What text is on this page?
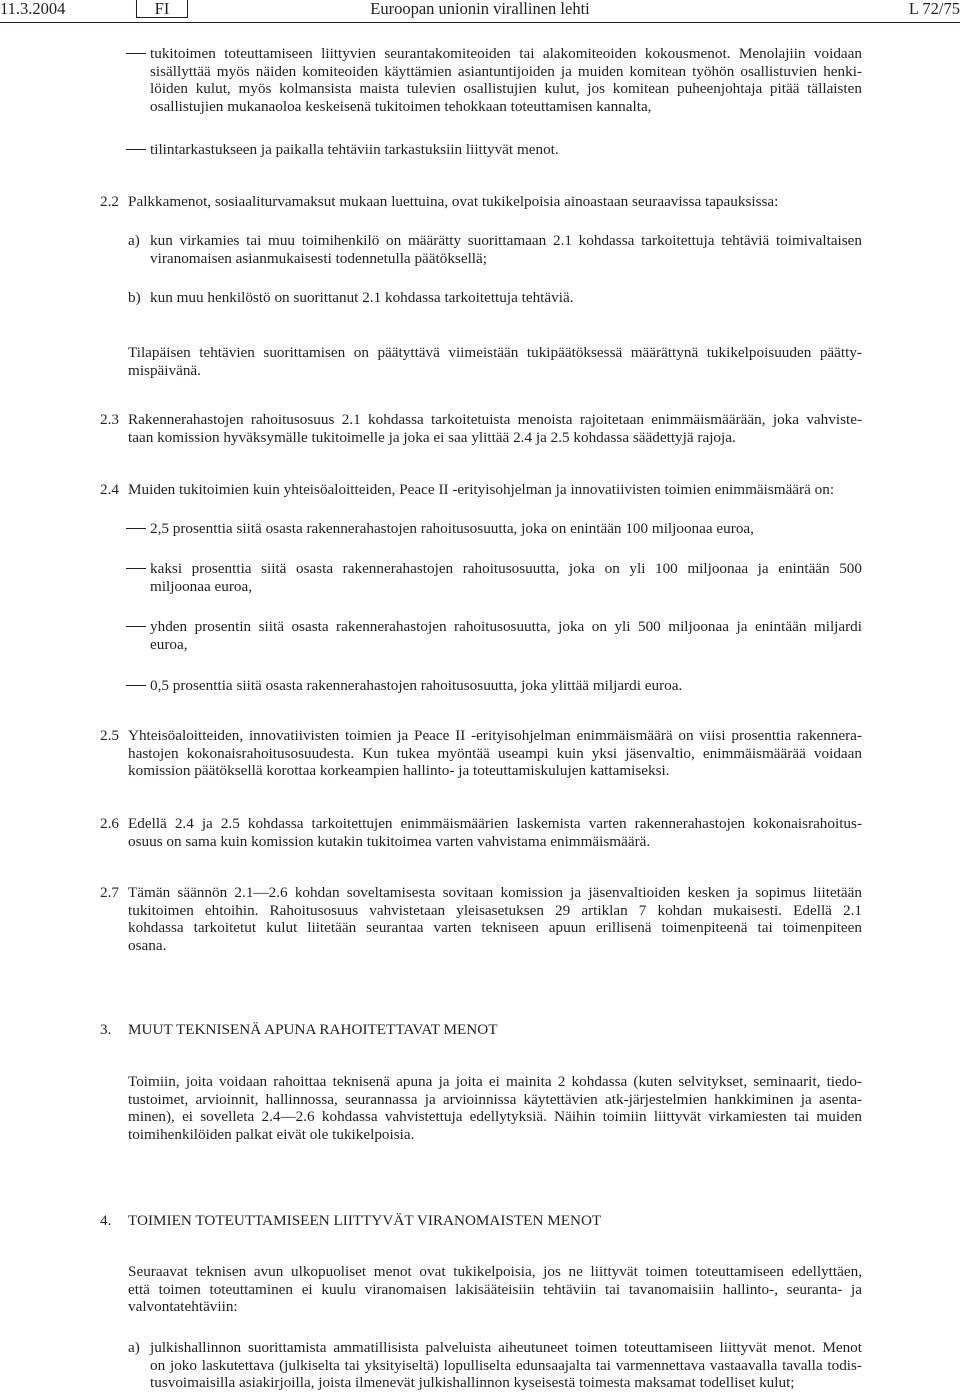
11.3.2004	FI	Euroopan unionin virallinen lehti	L 72/75
tukitoimen toteuttamiseen liittyvien seurantakomiteoiden tai alakomiteoiden kokousmenot. Menolajiin voidaan
sisällyttää myös näiden komiteoiden käyttämien asiantuntijoiden ja muiden komitean työhön osallistuvien henki-
löiden kulut, myös kolmansista maista tulevien osallistujien kulut, jos komitean puheenjohtaja pitää tällaisten
osallistujien mukanaoloa keskeisenä tukitoimen tehokkaan toteuttamisen kannalta,
tilintarkastukseen ja paikalla tehtäviin tarkastuksiin liittyvät menot.
2.2 Palkkamenot, sosiaaliturvamaksut mukaan luettuina, ovat tukikelpoisia ainoastaan seuraavissa tapauksissa:
a) kun virkamies tai muu toimihenkilö on määrätty suorittamaan 2.1 kohdassa tarkoitettuja tehtäviä toimivaltaisen
viranomaisen asianmukaisesti todennetulla päätöksellä;
b) kun muu henkilöstö on suorittanut 2.1 kohdassa tarkoitettuja tehtäviä.
Tilapäisen tehtävien suorittamisen on päätyttävä viimeistään tukipäätöksessä määrättynä tukikelpoisuuden päätty-
mispäivänä.
2.3 Rakennerahastojen rahoitusosuus 2.1 kohdassa tarkoitetuista menoista rajoitetaan enimmäismäärään, joka vahviste-
taan komission hyväksymälle tukitoimelle ja joka ei saa ylittää 2.4 ja 2.5 kohdassa säädettyjä rajoja.
2.4 Muiden tukitoimien kuin yhteisöaloitteiden, Peace II -erityisohjelman ja innovatiivisten toimien enimmäismäärä on:
2,5 prosenttia siitä osasta rakennerahastojen rahoitusosuutta, joka on enintään 100 miljoonaa euroa,
kaksi prosenttia siitä osasta rakennerahastojen rahoitusosuutta, joka on yli 100 miljoonaa ja enintään 500
miljoonaa euroa,
yhden prosentin siitä osasta rakennerahastojen rahoitusosuutta, joka on yli 500 miljoonaa ja enintään miljardi
euroa,
0,5 prosenttia siitä osasta rakennerahastojen rahoitusosuutta, joka ylittää miljardi euroa.
2.5 Yhteisöaloitteiden, innovatiivisten toimien ja Peace II -erityisohjelman enimmäismäärä on viisi prosenttia rakennera-
hastojen kokonaisrahoitusosuudesta. Kun tukea myöntää useampi kuin yksi jäsenvaltio, enimmäismäärää voidaan
komission päätöksellä korottaa korkeampien hallinto- ja toteuttamiskulujen kattamiseksi.
2.6 Edellä 2.4 ja 2.5 kohdassa tarkoitettujen enimmäismäärien laskemista varten rakennerahastojen kokonaisrahoitus-
osuus on sama kuin komission kutakin tukitoimea varten vahvistama enimmäismäärä.
2.7 Tämän säännön 2.1—2.6 kohdan soveltamisesta sovitaan komission ja jäsenvaltioiden kesken ja sopimus liitetään
tukitoimen ehtoihin. Rahoitusosuus vahvistetaan yleisasetuksen 29 artiklan 7 kohdan mukaisesti. Edellä 2.1
kohdassa tarkoitetut kulut liitetään seurantaa varten tekniseen apuun erillisenä toimenpiteenä tai toimenpiteen
osana.
3. MUUT TEKNISENÄ APUNA RAHOITETTAVAT MENOT
Toimiin, joita voidaan rahoittaa teknisenä apuna ja joita ei mainita 2 kohdassa (kuten selvitykset, seminaarit, tiedo-
tustoimet, arvioinnit, hallinnossa, seurannassa ja arvioinnissa käytettävien atk-järjestelmien hankkiminen ja asenta-
minen), ei sovelleta 2.4—2.6 kohdassa vahvistettuja edellytyksiä. Näihin toimiin liittyvät virkamiesten tai muiden
toimihenkilöiden palkat eivät ole tukikelpoisia.
4. TOIMIEN TOTEUTTAMISEEN LIITTYVÄT VIRANOMAISTEN MENOT
Seuraavat teknisen avun ulkopuoliset menot ovat tukikelpoisia, jos ne liittyvät toimen toteuttamiseen edellyttäen,
että toimen toteuttaminen ei kuulu viranomaisen lakisääteisiin tehtäviin tai tavanomaisiin hallinto-, seuranta- ja
valvontatehtäviin:
a) julkishallinnon suorittamista ammatillisista palveluista aiheutuneet toimen toteuttamiseen liittyvät menot. Menot
on joko laskutettava (julkiselta tai yksityiseltä) lopulliselta edunsaajalta tai varmennettava vastaavalla tavalla todis-
tusvoimaisilla asiakirjoilla, joista ilmenevät julkishallinnon kyseisestä toimesta maksamat todelliset kulut;
